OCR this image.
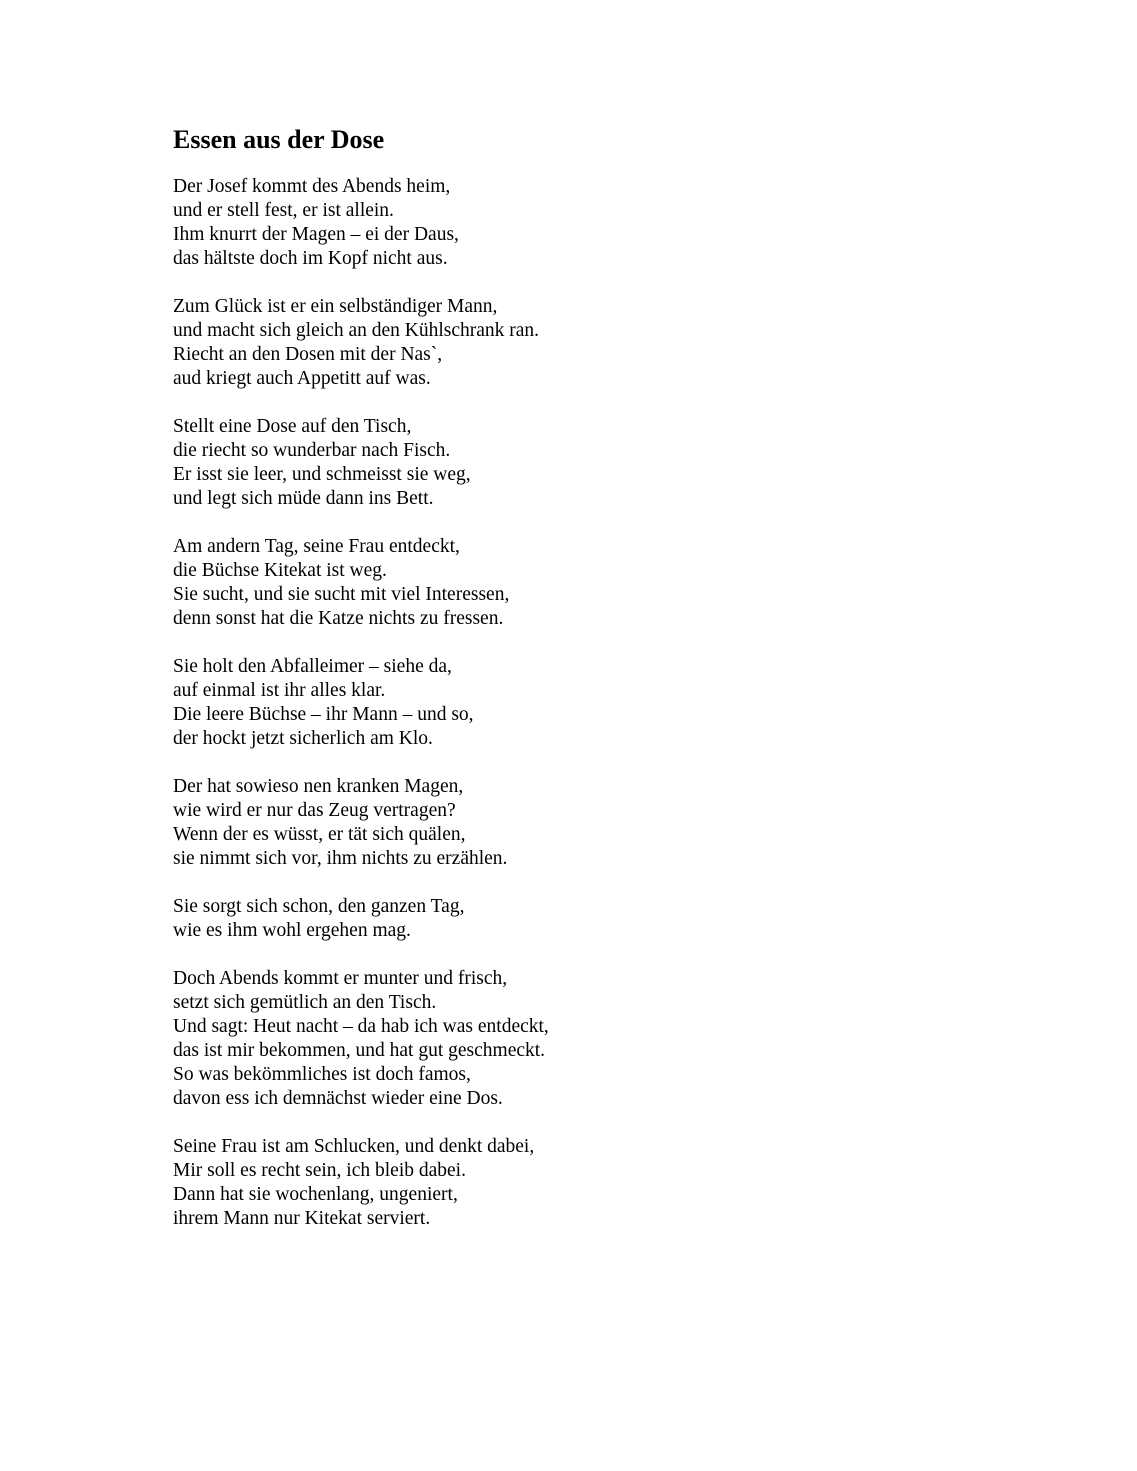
Essen aus der Dose
Der Josef kommt des Abends heim,
und er stell fest, er ist allein.
Ihm knurrt der Magen – ei der Daus,
das hältste doch im Kopf nicht aus.
Zum Glück ist er ein selbständiger Mann,
und macht sich gleich an den Kühlschrank ran.
Riecht an den Dosen mit der Nas`,
aud kriegt auch Appetitt auf was.
Stellt eine Dose auf den Tisch,
die riecht so wunderbar nach Fisch.
Er isst sie leer, und schmeisst sie weg,
und legt sich müde dann ins Bett.
Am andern Tag, seine Frau entdeckt,
die Büchse Kitekat ist weg.
Sie sucht, und sie sucht mit viel Interessen,
denn sonst hat die Katze nichts zu fressen.
Sie holt den Abfalleimer – siehe da,
auf einmal ist ihr alles klar.
Die leere Büchse – ihr Mann – und so,
der hockt jetzt sicherlich am Klo.
Der hat sowieso nen kranken Magen,
wie wird er nur das Zeug vertragen?
Wenn der es wüsst, er tät sich quälen,
sie nimmt sich vor, ihm nichts zu erzählen.
Sie sorgt sich schon, den ganzen Tag,
wie es ihm wohl ergehen mag.
Doch Abends kommt er munter und frisch,
setzt sich gemütlich an den Tisch.
Und sagt: Heut nacht – da hab ich was entdeckt,
das ist mir bekommen, und hat gut geschmeckt.
So was bekömmliches ist doch famos,
davon ess ich demnächst wieder eine Dos.
Seine Frau ist am Schlucken, und denkt dabei,
Mir soll es recht sein, ich bleib dabei.
Dann hat sie wochenlang, ungeniert,
ihrem Mann nur Kitekat serviert.
